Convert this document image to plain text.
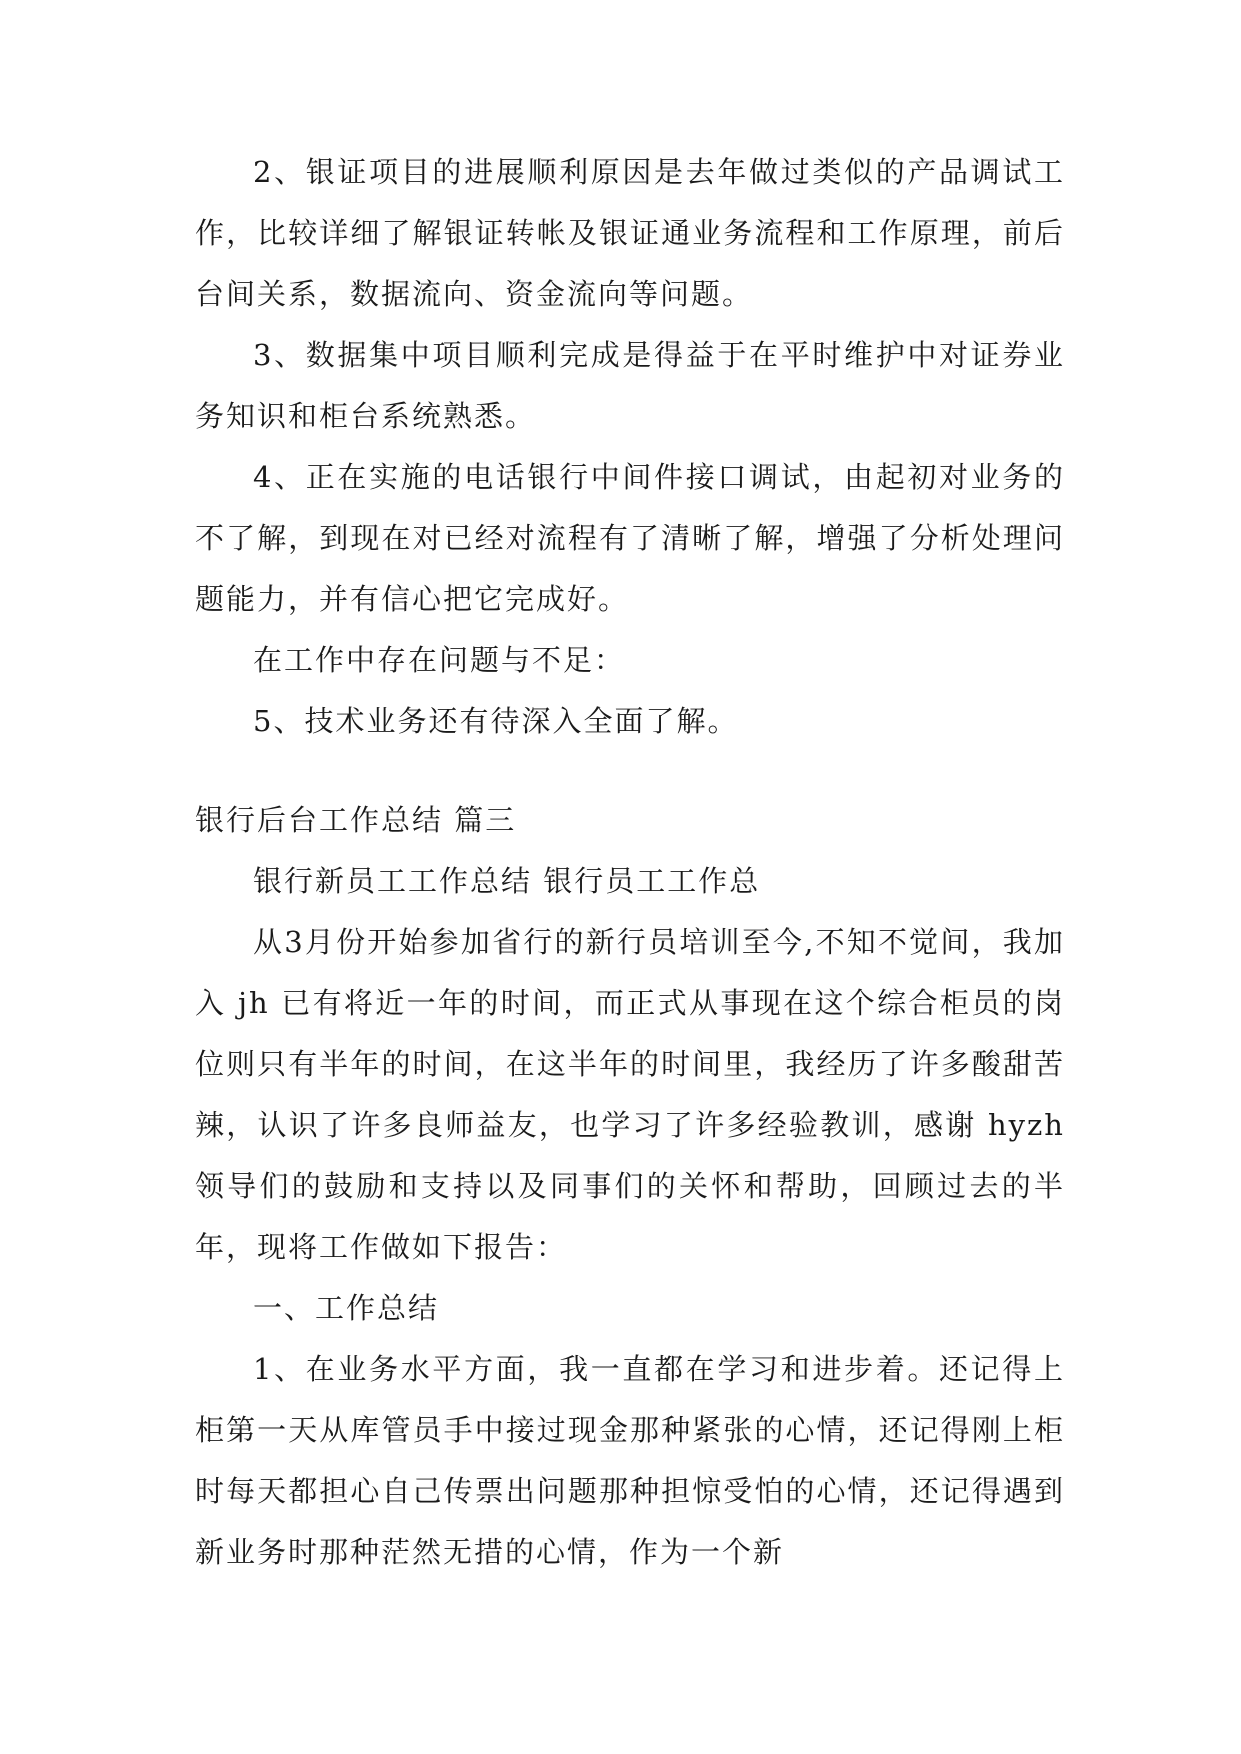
2、银证项目的进展顺利原因是去年做过类似的产品调试工作，比较详细了解银证转帐及银证通业务流程和工作原理，前后台间关系，数据流向、资金流向等问题。

3、数据集中项目顺利完成是得益于在平时维护中对证券业务知识和柜台系统熟悉。

4、正在实施的电话银行中间件接口调试，由起初对业务的不了解，到现在对已经对流程有了清晰了解，增强了分析处理问题能力，并有信心把它完成好。

在工作中存在问题与不足：

5、技术业务还有待深入全面了解。

银行后台工作总结 篇三

银行新员工工作总结 银行员工工作总

从3月份开始参加省行的新行员培训至今,不知不觉间，我加入 jh 已有将近一年的时间，而正式从事现在这个综合柜员的岗位则只有半年的时间，在这半年的时间里，我经历了许多酸甜苦辣，认识了许多良师益友，也学习了许多经验教训，感谢 hyzh 领导们的鼓励和支持以及同事们的关怀和帮助，回顾过去的半年，现将工作做如下报告：

一、工作总结

1、在业务水平方面，我一直都在学习和进步着。还记得上柜第一天从库管员手中接过现金那种紧张的心情，还记得刚上柜时每天都担心自己传票出问题那种担惊受怕的心情，还记得遇到新业务时那种茫然无措的心情，作为一个新
